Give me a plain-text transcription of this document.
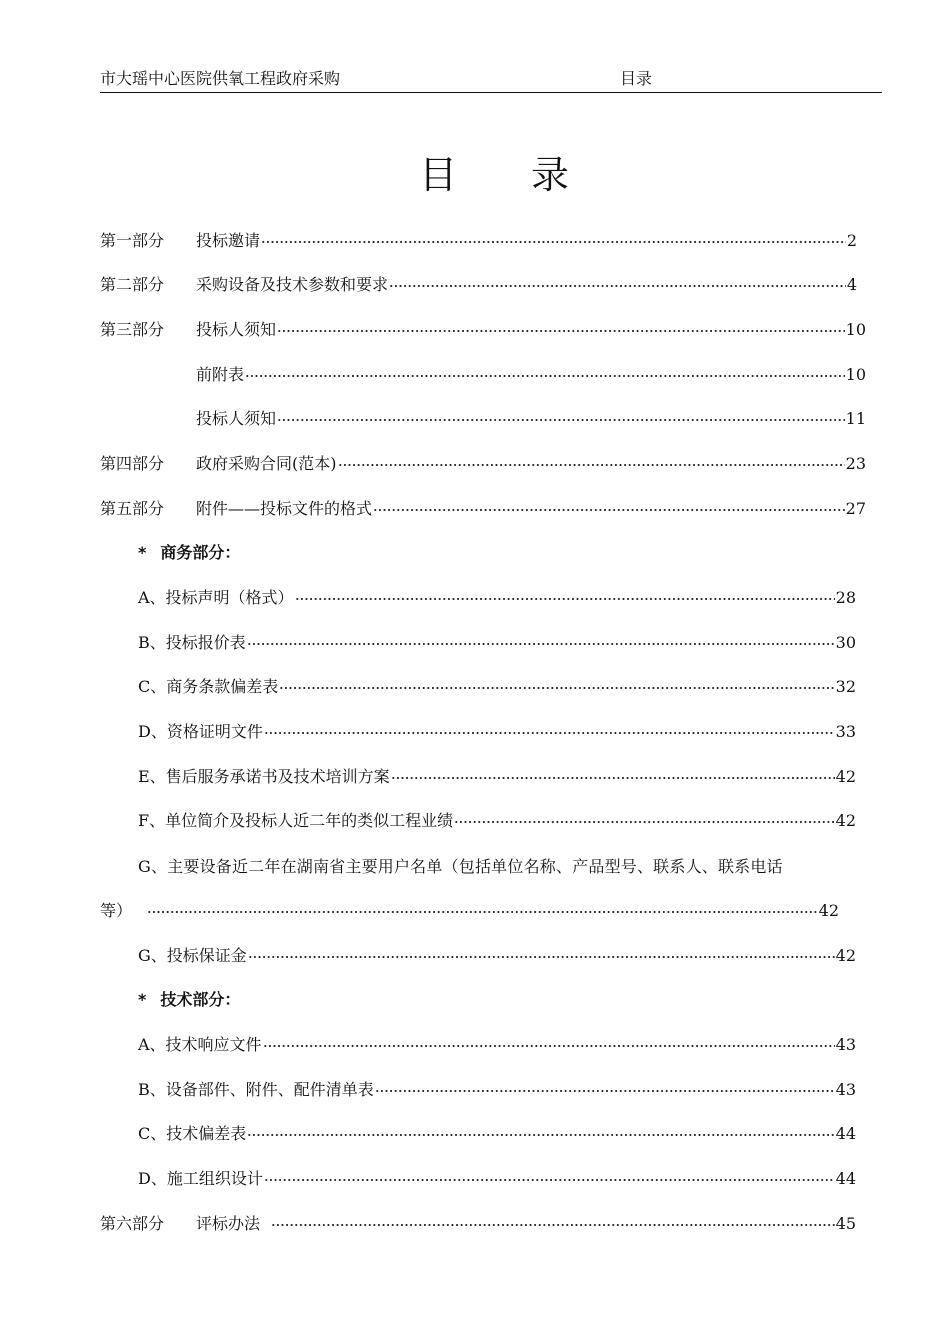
市大瑶中心医院供氧工程政府采购	目录
目 录
第一部分	投标邀请	2
第二部分	采购设备及技术参数和要求	4
第三部分	投标人须知	10
前附表	10
投标人须知	11
第四部分	政府采购合同(范本)	23
第五部分	附件——投标文件的格式	27
* 商务部分：
A、投标声明（格式）	28
B、投标报价表	30
C、商务条款偏差表	32
D、资格证明文件	33
E、售后服务承诺书及技术培训方案	42
F、单位简介及投标人近二年的类似工程业绩	42
G、主要设备近二年在湖南省主要用户名单（包括单位名称、产品型号、联系人、联系电话
等）	42
G、投标保证金	42
* 技术部分：
A、技术响应文件	43
B、设备部件、附件、配件清单表	43
C、技术偏差表	44
D、施工组织设计	44
第六部分	评标办法	45
